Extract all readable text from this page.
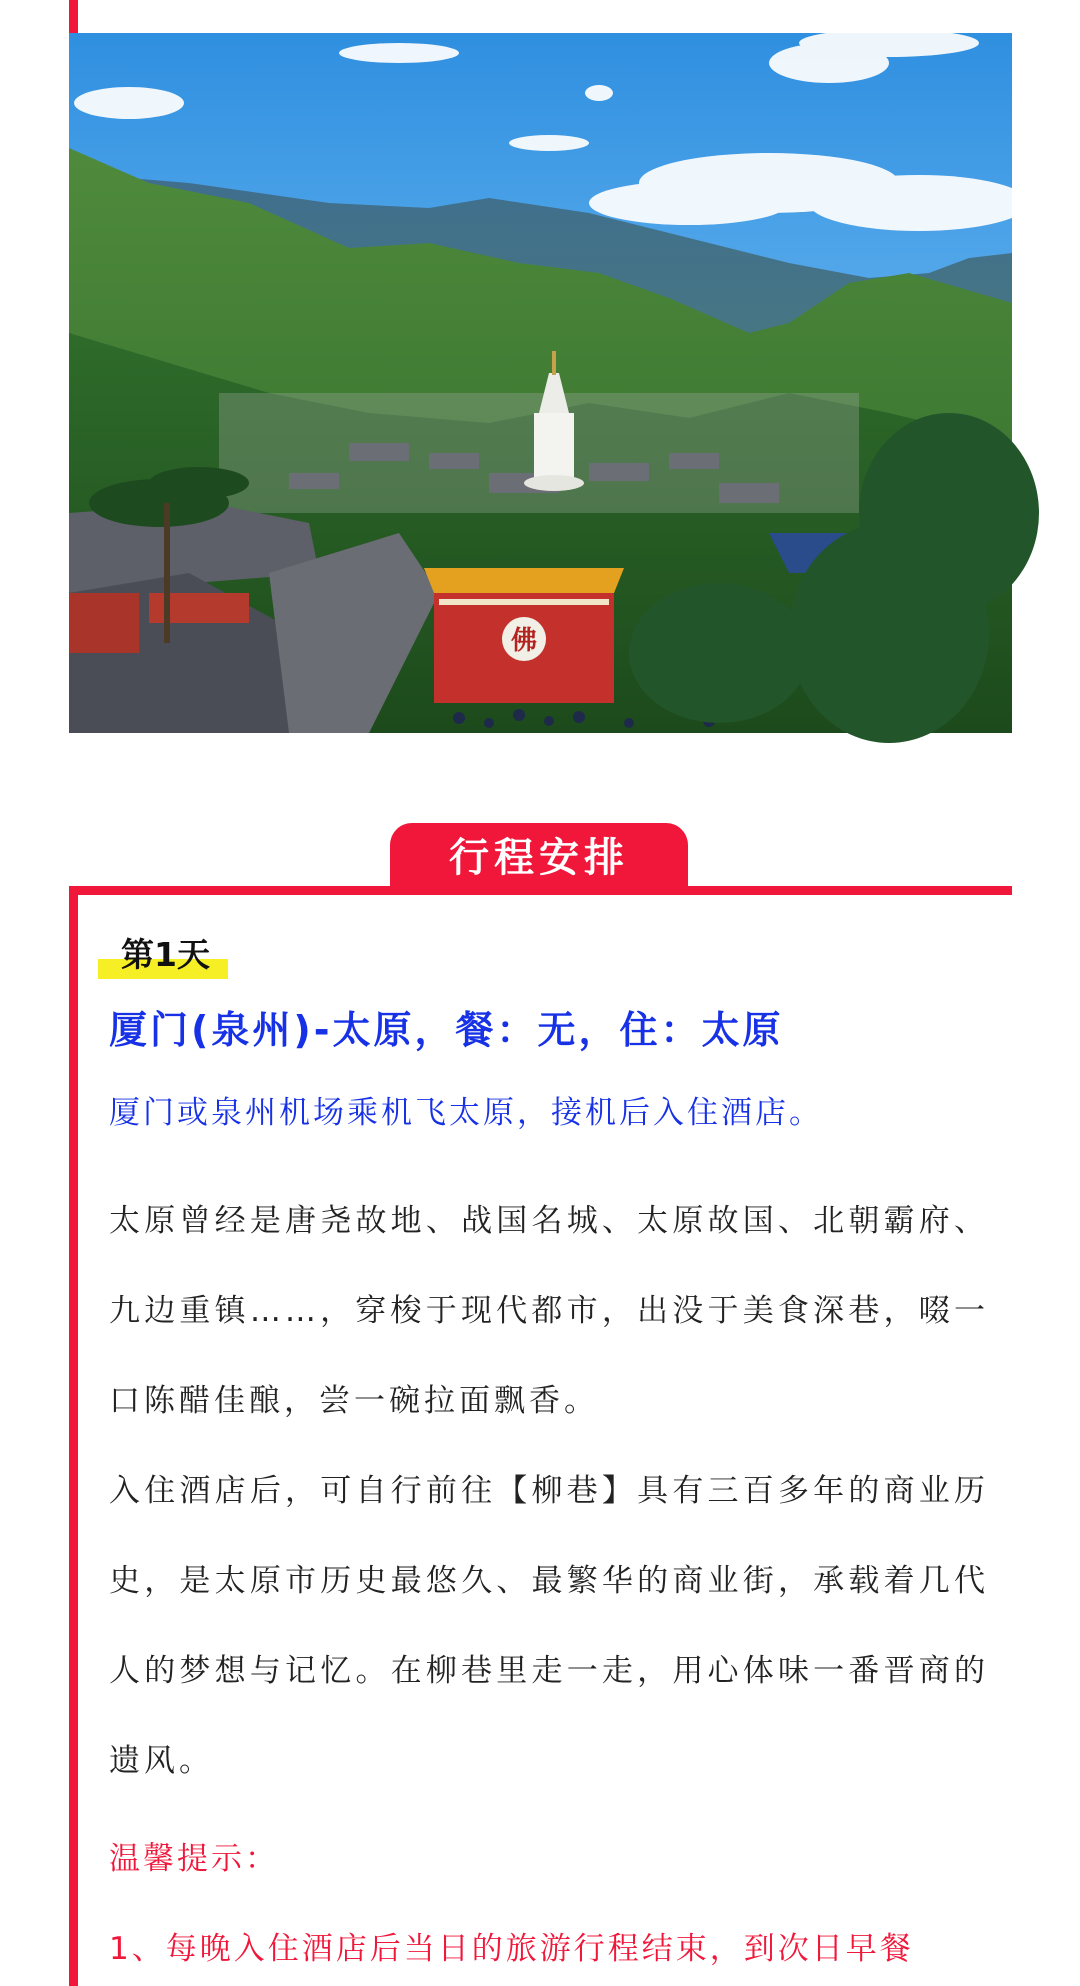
佛
行程安排
第1天
厦门(泉州)-太原，餐：无，住：太原
厦门或泉州机场乘机飞太原，接机后入住酒店。

太原曾经是唐尧故地、战国名城、太原故国、北朝霸府、九边重镇……，穿梭于现代都市，出没于美食深巷，啜一口陈醋佳酿，尝一碗拉面飘香。

入住酒店后，可自行前往【柳巷】具有三百多年的商业历史，是太原市历史最悠久、最繁华的商业街，承载着几代人的梦想与记忆。在柳巷里走一走，用心体味一番晋商的遗风。

温馨提示：
1、每晚入住酒店后当日的旅游行程结束，到次日早餐
